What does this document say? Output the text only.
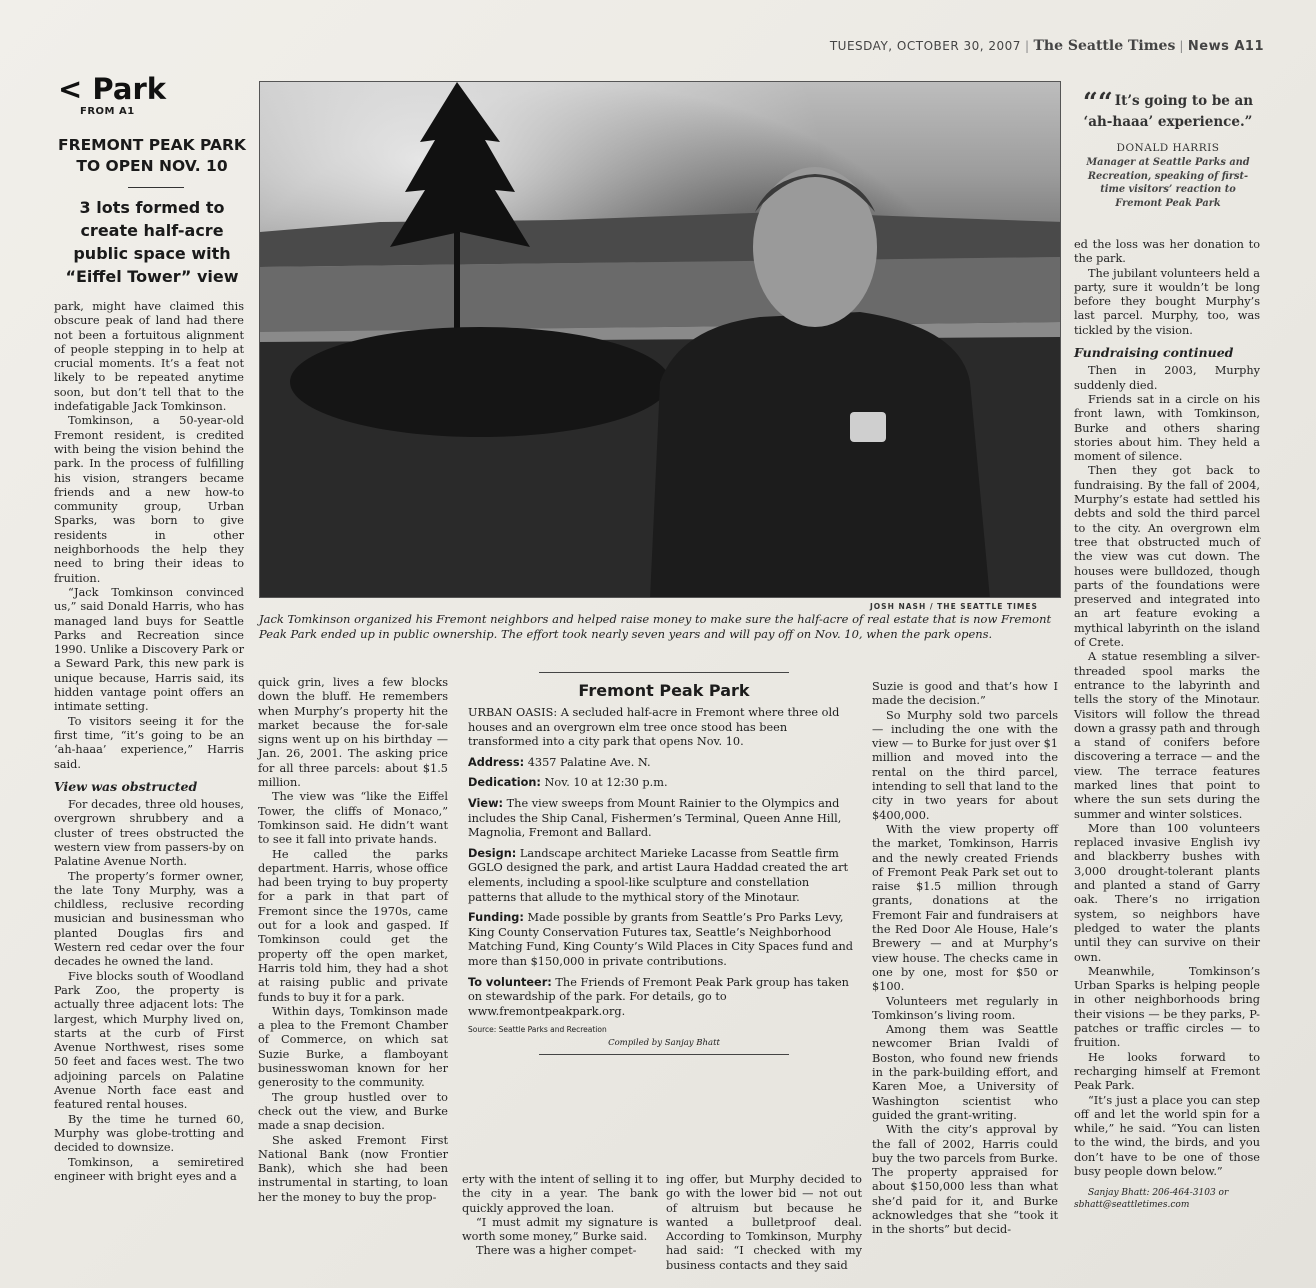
TUESDAY, OCTOBER 30, 2007 | The Seattle Times | News A11
< Park
FROM A1
FREMONT PEAK PARK TO OPEN NOV. 10
3 lots formed to create half-acre public space with “Eiffel Tower” view

park, might have claimed this obscure peak of land had there not been a fortuitous alignment of people stepping in to help at crucial moments. It’s a feat not likely to be repeated anytime soon, but don’t tell that to the indefatigable Jack Tomkinson.

Tomkinson, a 50-year-old Fremont resident, is credited with being the vision behind the park. In the process of fulfilling his vision, strangers became friends and a new how-to community group, Urban Sparks, was born to give residents in other neighborhoods the help they need to bring their ideas to fruition.

“Jack Tomkinson convinced us,” said Donald Harris, who has managed land buys for Seattle Parks and Recreation since 1990. Unlike a Discovery Park or a Seward Park, this new park is unique because, Harris said, its hidden vantage point offers an intimate setting.

To visitors seeing it for the first time, “it’s going to be an ‘ah-haaa’ experience,” Harris said.

View was obstructed

For decades, three old houses, overgrown shrubbery and a cluster of trees obstructed the western view from passers-by on Palatine Avenue North.

The property’s former owner, the late Tony Murphy, was a childless, reclusive recording musician and businessman who planted Douglas firs and Western red cedar over the four decades he owned the land.

Five blocks south of Woodland Park Zoo, the property is actually three adjacent lots: The largest, which Murphy lived on, starts at the curb of First Avenue Northwest, rises some 50 feet and faces west. The two adjoining parcels on Palatine Avenue North face east and featured rental houses.

By the time he turned 60, Murphy was globe-trotting and decided to downsize.

Tomkinson, a semiretired engineer with bright eyes and a

JOSH NASH / THE SEATTLE TIMES
Jack Tomkinson organized his Fremont neighbors and helped raise money to make sure the half-acre of real estate that is now Fremont Peak Park ended up in public ownership. The effort took nearly seven years and will pay off on Nov. 10, when the park opens.
““ It’s going to be an ‘ah-haaa’ experience.”
DONALD HARRIS
Manager at Seattle Parks and Recreation, speaking of first-time visitors’ reaction to Fremont Peak Park

quick grin, lives a few blocks down the bluff. He remembers when Murphy’s property hit the market because the for-sale signs went up on his birthday — Jan. 26, 2001. The asking price for all three parcels: about $1.5 million.

The view was “like the Eiffel Tower, the cliffs of Monaco,” Tomkinson said. He didn’t want to see it fall into private hands.

He called the parks department. Harris, whose office had been trying to buy property for a park in that part of Fremont since the 1970s, came out for a look and gasped. If Tomkinson could get the property off the open market, Harris told him, they had a shot at raising public and private funds to buy it for a park.

Within days, Tomkinson made a plea to the Fremont Chamber of Commerce, on which sat Suzie Burke, a flamboyant businesswoman known for her generosity to the community.

The group hustled over to check out the view, and Burke made a snap decision.

She asked Fremont First National Bank (now Frontier Bank), which she had been instrumental in starting, to loan her the money to buy the prop-

Fremont Peak Park
URBAN OASIS: A secluded half-acre in Fremont where three old houses and an overgrown elm tree once stood has been transformed into a city park that opens Nov. 10.
Address: 4357 Palatine Ave. N.
Dedication: Nov. 10 at 12:30 p.m.
View: The view sweeps from Mount Rainier to the Olympics and includes the Ship Canal, Fishermen’s Terminal, Queen Anne Hill, Magnolia, Fremont and Ballard.
Design: Landscape architect Marieke Lacasse from Seattle firm GGLO designed the park, and artist Laura Haddad created the art elements, including a spool-like sculpture and constellation patterns that allude to the mythical story of the Minotaur.
Funding: Made possible by grants from Seattle’s Pro Parks Levy, King County Conservation Futures tax, Seattle’s Neighborhood Matching Fund, King County’s Wild Places in City Spaces fund and more than $150,000 in private contributions.
To volunteer: The Friends of Fremont Peak Park group has taken on stewardship of the park. For details, go to www.fremontpeakpark.org.
Source: Seattle Parks and Recreation
Compiled by Sanjay Bhatt

erty with the intent of selling it to the city in a year. The bank quickly approved the loan.

“I must admit my signature is worth some money,” Burke said.

There was a higher compet-

ing offer, but Murphy decided to go with the lower bid — not out of altruism but because he wanted a bulletproof deal. According to Tomkinson, Murphy had said: “I checked with my business contacts and they said

Suzie is good and that’s how I made the decision.”

So Murphy sold two parcels — including the one with the view — to Burke for just over $1 million and moved into the rental on the third parcel, intending to sell that land to the city in two years for about $400,000.

With the view property off the market, Tomkinson, Harris and the newly created Friends of Fremont Peak Park set out to raise $1.5 million through grants, donations at the Fremont Fair and fundraisers at the Red Door Ale House, Hale’s Brewery — and at Murphy’s view house. The checks came in one by one, most for $50 or $100.

Volunteers met regularly in Tomkinson’s living room.

Among them was Seattle newcomer Brian Ivaldi of Boston, who found new friends in the park-building effort, and Karen Moe, a University of Washington scientist who guided the grant-writing.

With the city’s approval by the fall of 2002, Harris could buy the two parcels from Burke. The property appraised for about $150,000 less than what she’d paid for it, and Burke acknowledges that she “took it in the shorts” but decid-

ed the loss was her donation to the park.

The jubilant volunteers held a party, sure it wouldn’t be long before they bought Murphy’s last parcel. Murphy, too, was tickled by the vision.

Fundraising continued

Then in 2003, Murphy suddenly died.

Friends sat in a circle on his front lawn, with Tomkinson, Burke and others sharing stories about him. They held a moment of silence.

Then they got back to fundraising. By the fall of 2004, Murphy’s estate had settled his debts and sold the third parcel to the city. An overgrown elm tree that obstructed much of the view was cut down. The houses were bulldozed, though parts of the foundations were preserved and integrated into an art feature evoking a mythical labyrinth on the island of Crete.

A statue resembling a silver-threaded spool marks the entrance to the labyrinth and tells the story of the Minotaur. Visitors will follow the thread down a grassy path and through a stand of conifers before discovering a terrace — and the view. The terrace features marked lines that point to where the sun sets during the summer and winter solstices.

More than 100 volunteers replaced invasive English ivy and blackberry bushes with 3,000 drought-tolerant plants and planted a stand of Garry oak. There’s no irrigation system, so neighbors have pledged to water the plants until they can survive on their own.

Meanwhile, Tomkinson’s Urban Sparks is helping people in other neighborhoods bring their visions — be they parks, P-patches or traffic circles — to fruition.

He looks forward to recharging himself at Fremont Peak Park.

“It’s just a place you can step off and let the world spin for a while,” he said. “You can listen to the wind, the birds, and you don’t have to be one of those busy people down below.”

Sanjay Bhatt: 206-464-3103 or sbhatt@seattletimes.com
